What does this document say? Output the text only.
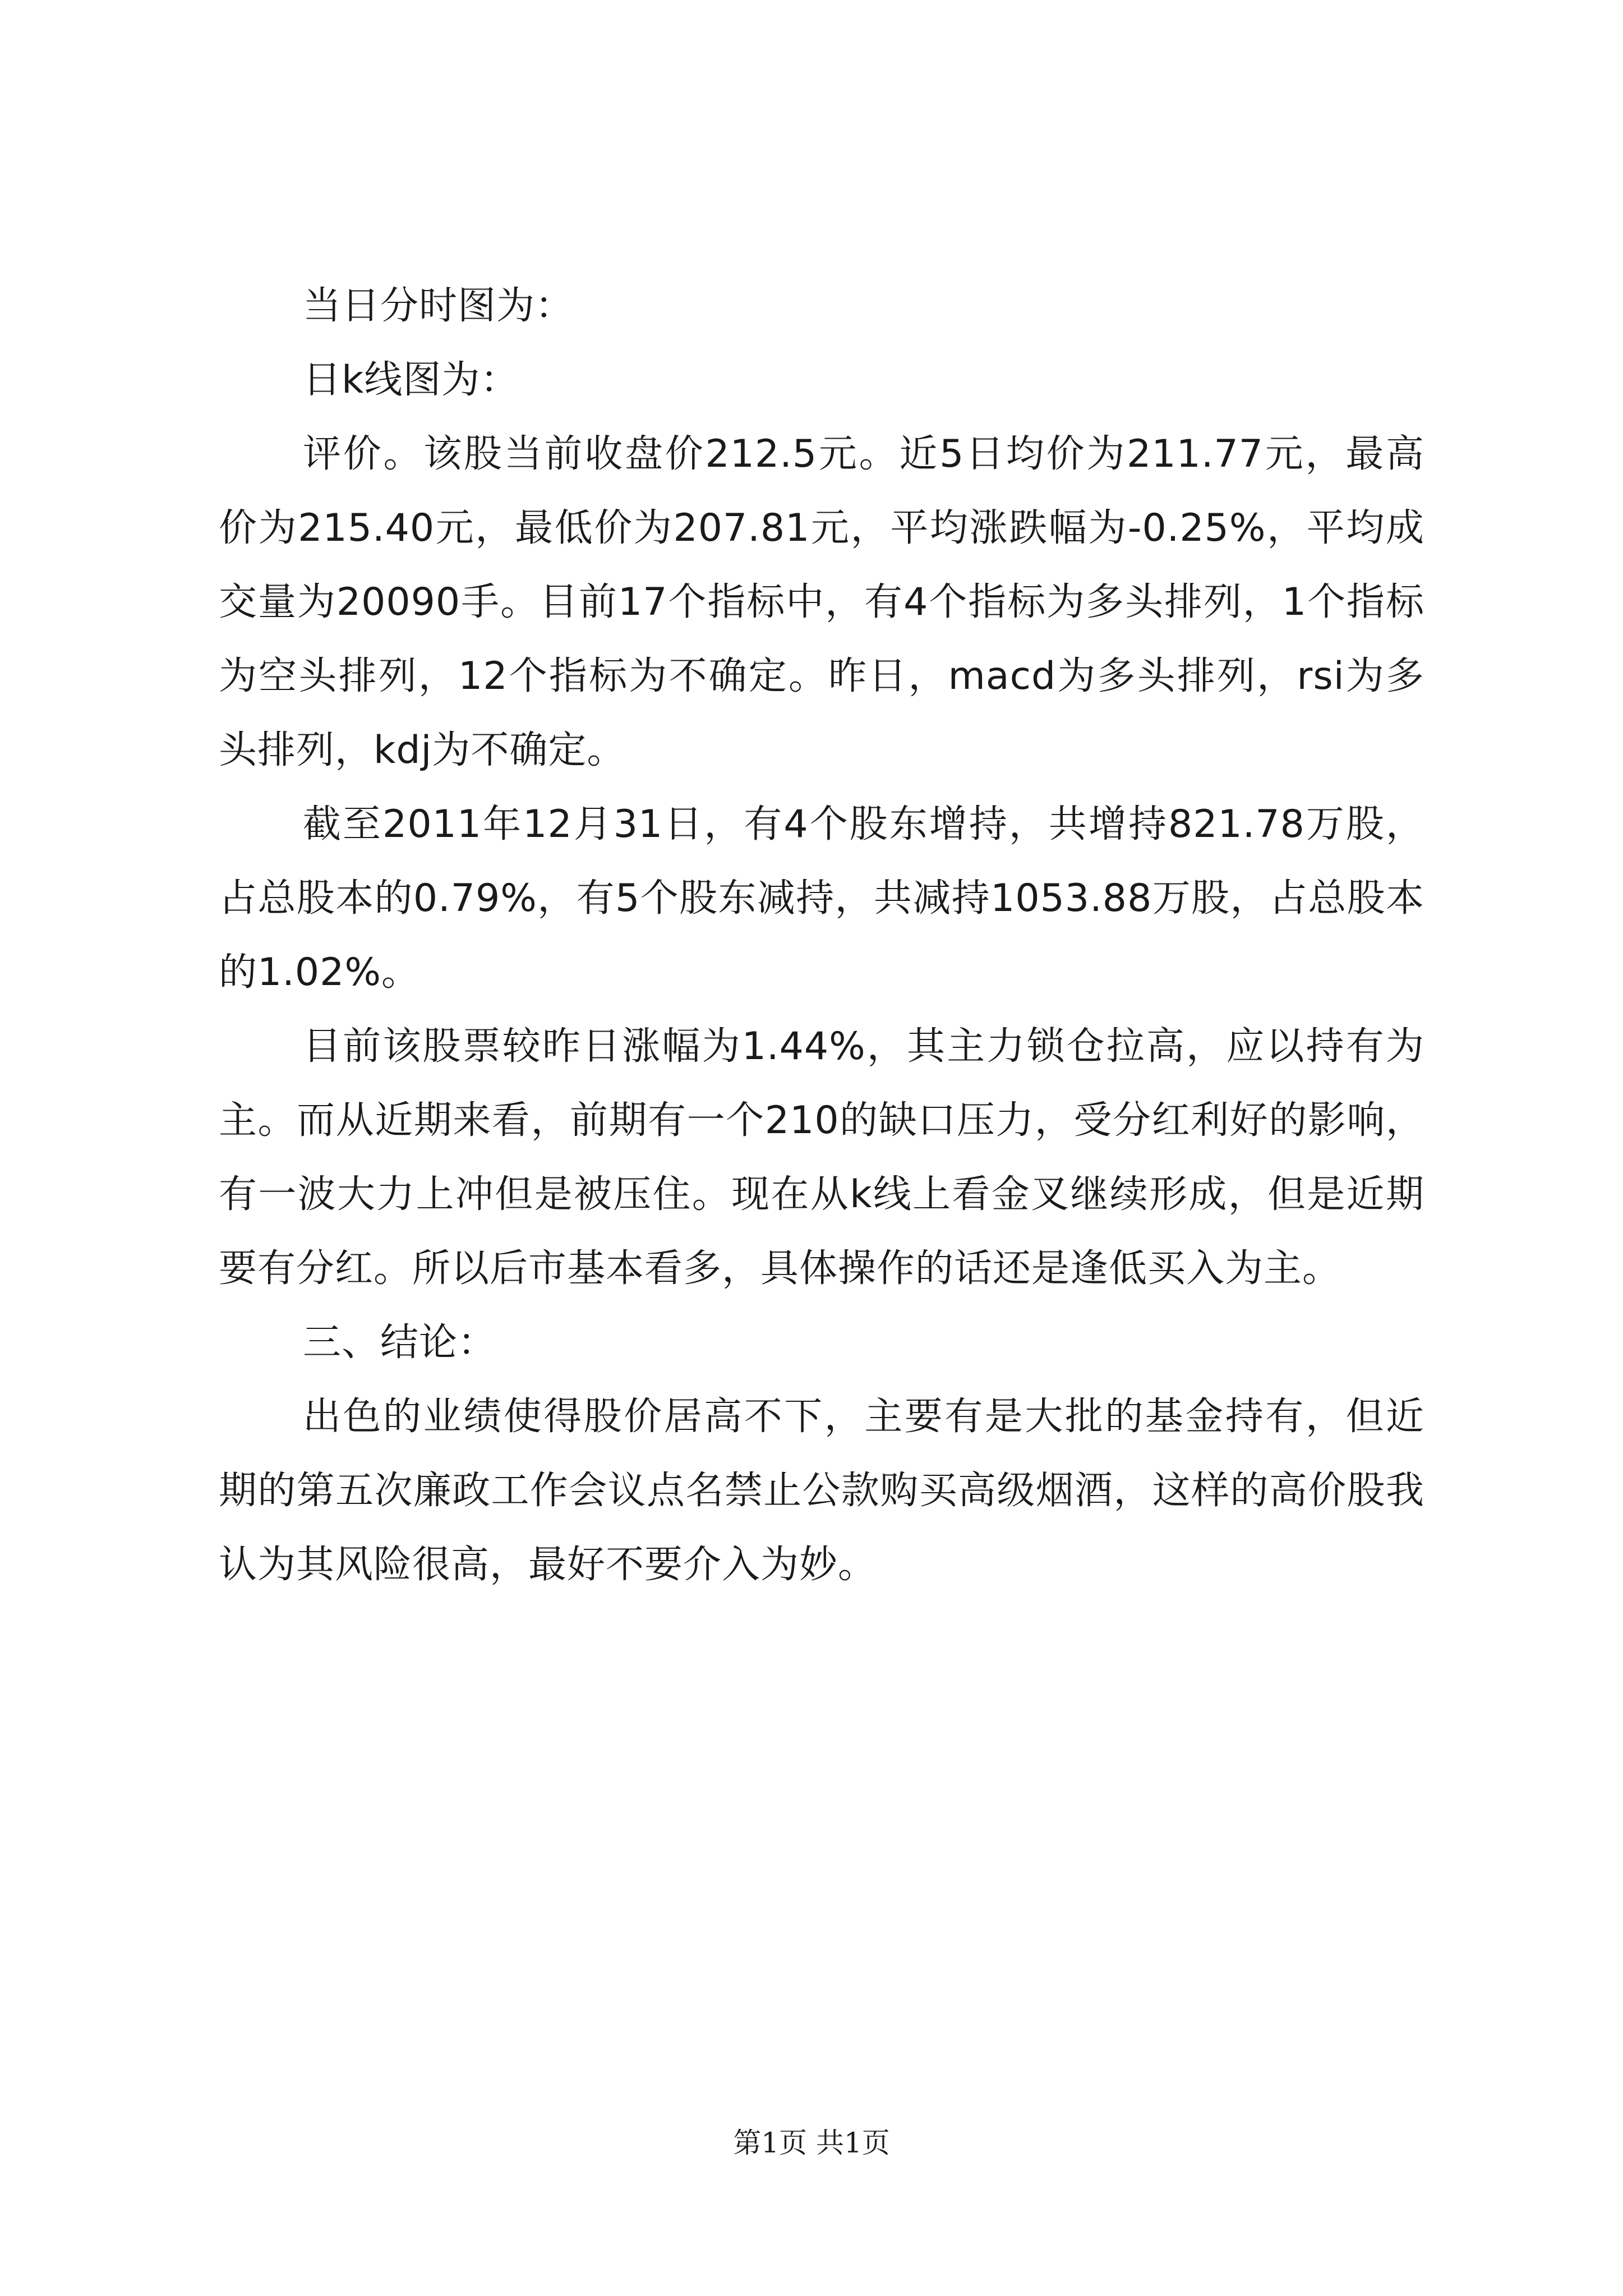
当日分时图为：

日k线图为：

评价。该股当前收盘价212.5元。近5日均价为211.77元，最高价为215.40元，最低价为207.81元，平均涨跌幅为-0.25%，平均成交量为20090手。目前17个指标中，有4个指标为多头排列，1个指标为空头排列，12个指标为不确定。昨日，macd为多头排列，rsi为多头排列，kdj为不确定。

截至2011年12月31日，有4个股东增持，共增持821.78万股，占总股本的0.79%，有5个股东减持，共减持1053.88万股，占总股本的1.02%。

目前该股票较昨日涨幅为1.44%，其主力锁仓拉高，应以持有为主。而从近期来看，前期有一个210的缺口压力，受分红利好的影响，有一波大力上冲但是被压住。现在从k线上看金叉继续形成，但是近期要有分红。所以后市基本看多，具体操作的话还是逢低买入为主。

三、结论：

出色的业绩使得股价居高不下，主要有是大批的基金持有，但近期的第五次廉政工作会议点名禁止公款购买高级烟酒，这样的高价股我认为其风险很高，最好不要介入为妙。

第1页 共1页
